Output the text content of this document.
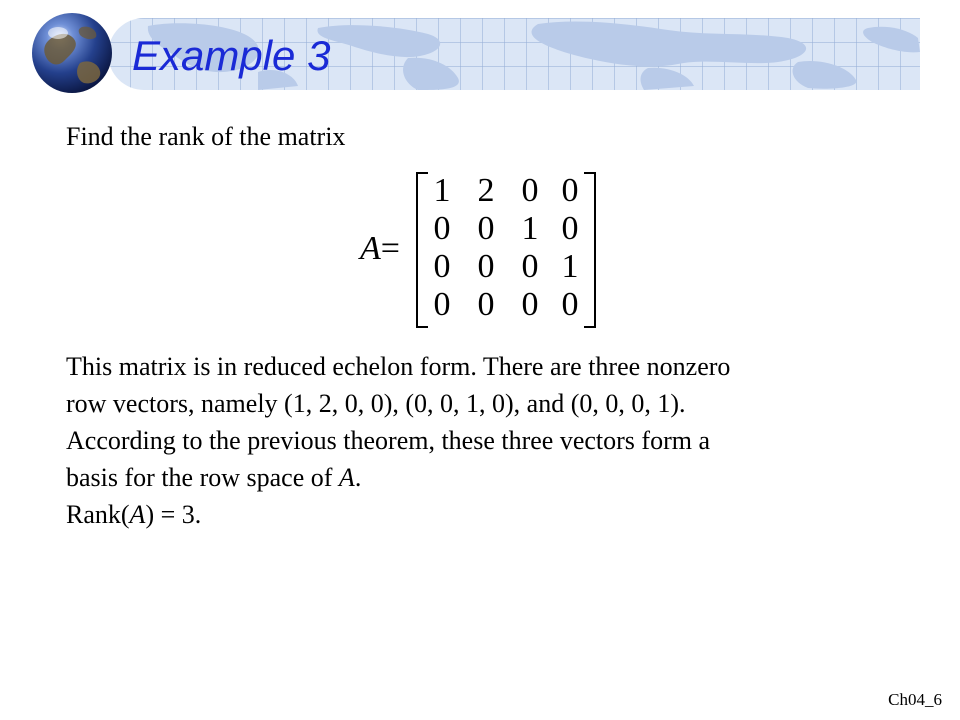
Example 3

Find the rank of the matrix

A=
1 2 0 0
0 0 1 0
0 0 0 1
0 0 0 0
This matrix is in reduced echelon form. There are three nonzero
row vectors, namely (1, 2, 0, 0), (0, 0, 1, 0), and (0, 0, 0, 1).
According to the previous theorem, these three vectors form a
basis for the row space of A.
Rank(A) = 3.
Ch04_6
